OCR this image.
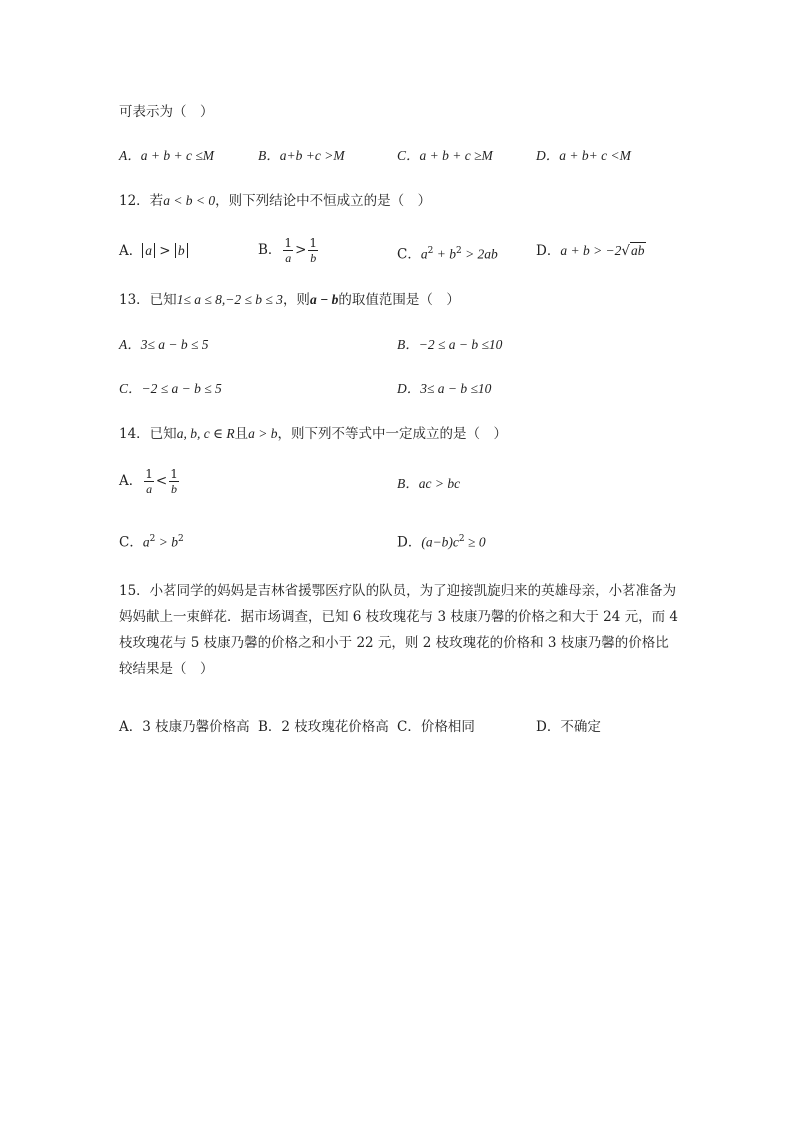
可表示为（　）
A．a + b + c ≤M	B．a+b +c >M	C．a + b + c ≥M	D．a + b+ c <M
12．若a < b < 0，则下列结论中不恒成立的是（　）
A． a > b	B． $\frac{1}{a} > \frac{1}{b}$	C．$a^2 + b^2 > 2ab$	D．a + b > −2√ab
13．已知1≤ a ≤ 8,−2 ≤ b ≤ 3，则a − b的取值范围是（　）
A．3≤ a − b ≤ 5	B．−2 ≤ a − b ≤10
C．−2 ≤ a − b ≤ 5	D．3≤ a − b ≤10
14．已知a, b, c ∈ R且a > b，则下列不等式中一定成立的是（　）
A． $\frac{1}{a} < \frac{1}{b}$	B．ac > bc
C．$a^2 > b^2$	D．$(a-b)c^2 \ge 0$
15．小茗同学的妈妈是吉林省援鄂医疗队的队员，为了迎接凯旋归来的英雄母亲，小茗准备为妈妈献上一束鲜花．据市场调查，已知 6 枝玫瑰花与 3 枝康乃馨的价格之和大于 24 元，而 4 枝玫瑰花与 5 枝康乃馨的价格之和小于 22 元，则 2 枝玫瑰花的价格和 3 枝康乃馨的价格比较结果是（　）
A．3 枝康乃馨价格高 B．2 枝玫瑰花价格高 C．价格相同	D．不确定
